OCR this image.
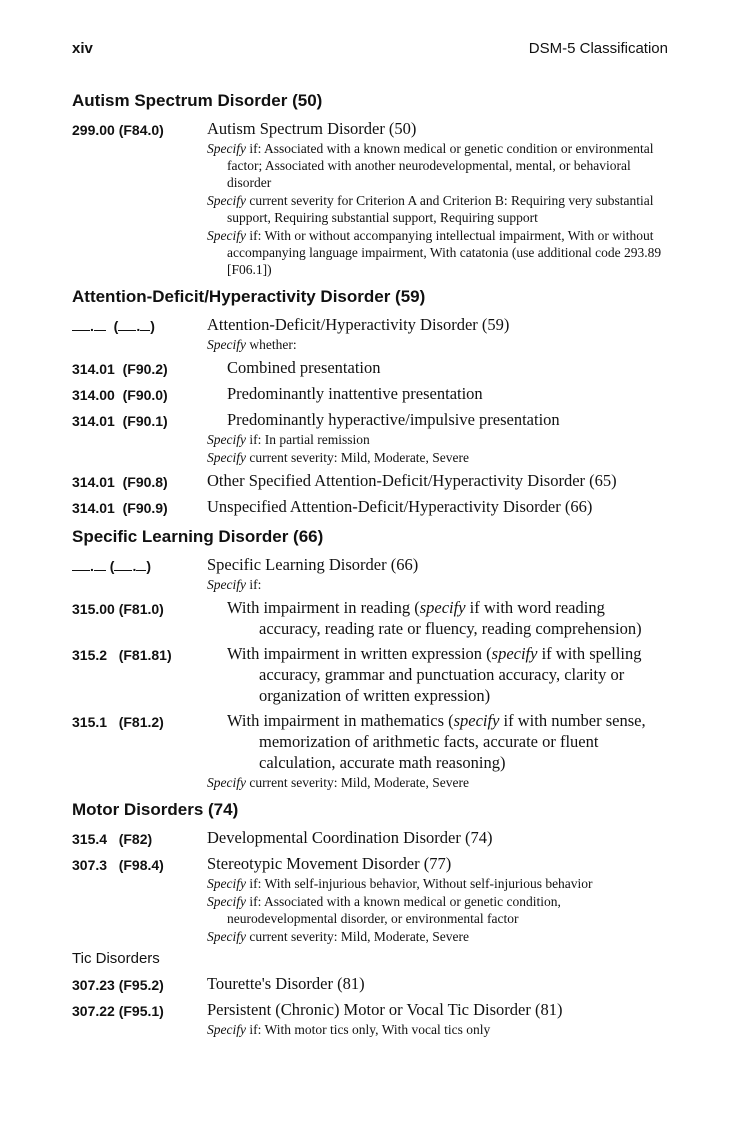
xiv	DSM-5 Classification
Autism Spectrum Disorder (50)
299.00 (F84.0)	Autism Spectrum Disorder (50)
Specify if: Associated with a known medical or genetic condition or environmental factor; Associated with another neurodevelopmental, mental, or behavioral disorder
Specify current severity for Criterion A and Criterion B: Requiring very substantial support, Requiring substantial support, Requiring support
Specify if: With or without accompanying intellectual impairment, With or without accompanying language impairment, With catatonia (use additional code 293.89 [F06.1])
Attention-Deficit/Hyperactivity Disorder (59)
.  ( . )	Attention-Deficit/Hyperactivity Disorder (59)
Specify whether:
314.01  (F90.2)	Combined presentation
314.00  (F90.0)	Predominantly inattentive presentation
314.01  (F90.1)	Predominantly hyperactive/impulsive presentation
Specify if: In partial remission
Specify current severity: Mild, Moderate, Severe
314.01  (F90.8)	Other Specified Attention-Deficit/Hyperactivity Disorder (65)
314.01  (F90.9)	Unspecified Attention-Deficit/Hyperactivity Disorder (66)
Specific Learning Disorder (66)
. ( . )	Specific Learning Disorder (66)
Specify if:
315.00 (F81.0)	With impairment in reading (specify if with word reading accuracy, reading rate or fluency, reading comprehension)
315.2   (F81.81)	With impairment in written expression (specify if with spelling accuracy, grammar and punctuation accuracy, clarity or organization of written expression)
315.1   (F81.2)	With impairment in mathematics (specify if with number sense, memorization of arithmetic facts, accurate or fluent calculation, accurate math reasoning)
Specify current severity: Mild, Moderate, Severe
Motor Disorders (74)
315.4   (F82)	Developmental Coordination Disorder (74)
307.3   (F98.4)	Stereotypic Movement Disorder (77)
Specify if: With self-injurious behavior, Without self-injurious behavior
Specify if: Associated with a known medical or genetic condition, neurodevelopmental disorder, or environmental factor
Specify current severity: Mild, Moderate, Severe
Tic Disorders
307.23 (F95.2)	Tourette's Disorder (81)
307.22 (F95.1)	Persistent (Chronic) Motor or Vocal Tic Disorder (81)
Specify if: With motor tics only, With vocal tics only
